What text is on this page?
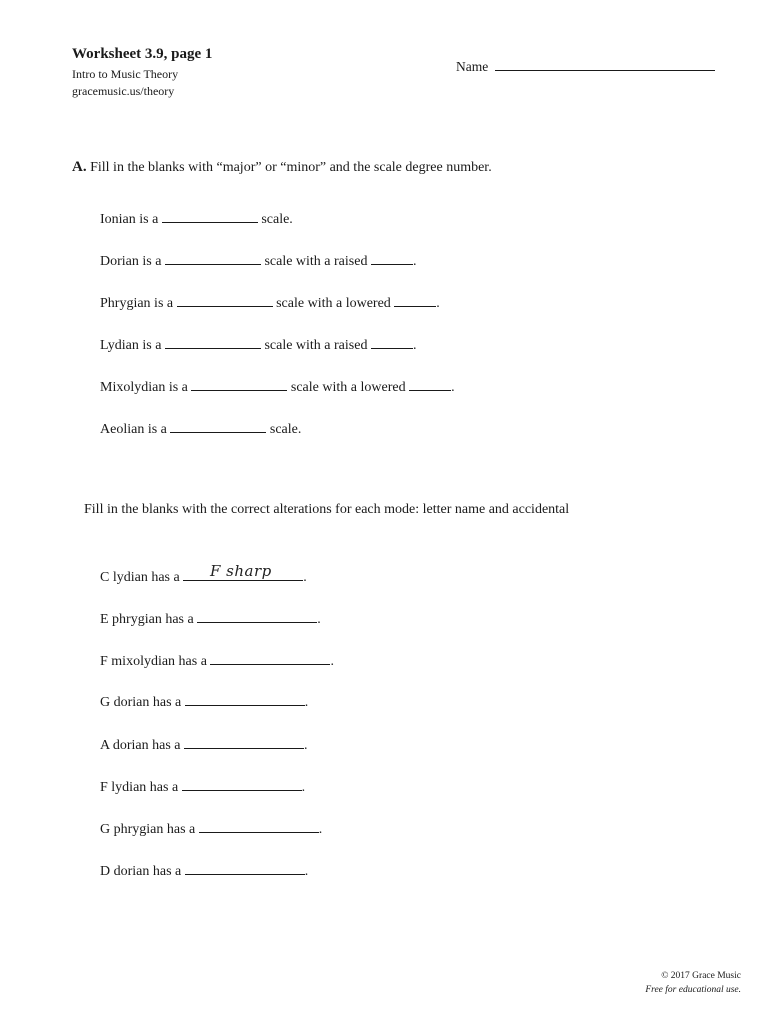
Worksheet 3.9, page 1
Intro to Music Theory
gracemusic.us/theory
Name
A. Fill in the blanks with “major” or “minor” and the scale degree number.
Ionian is a	scale.
Dorian is a	scale with a raised	.
Phrygian is a	scale with a lowered	.
Lydian is a	scale with a raised	.
Mixolydian is a	scale with a lowered	.
Aeolian is a	scale.
Fill in the blanks with the correct alterations for each mode: letter name and accidental
C lydian has a	.
F sharp
E phrygian has a	.
F mixolydian has a	.
G dorian has a	.
A dorian has a	.
F lydian has a	.
G phrygian has a	.
D dorian has a	.
© 2017 Grace Music
Free for educational use.
